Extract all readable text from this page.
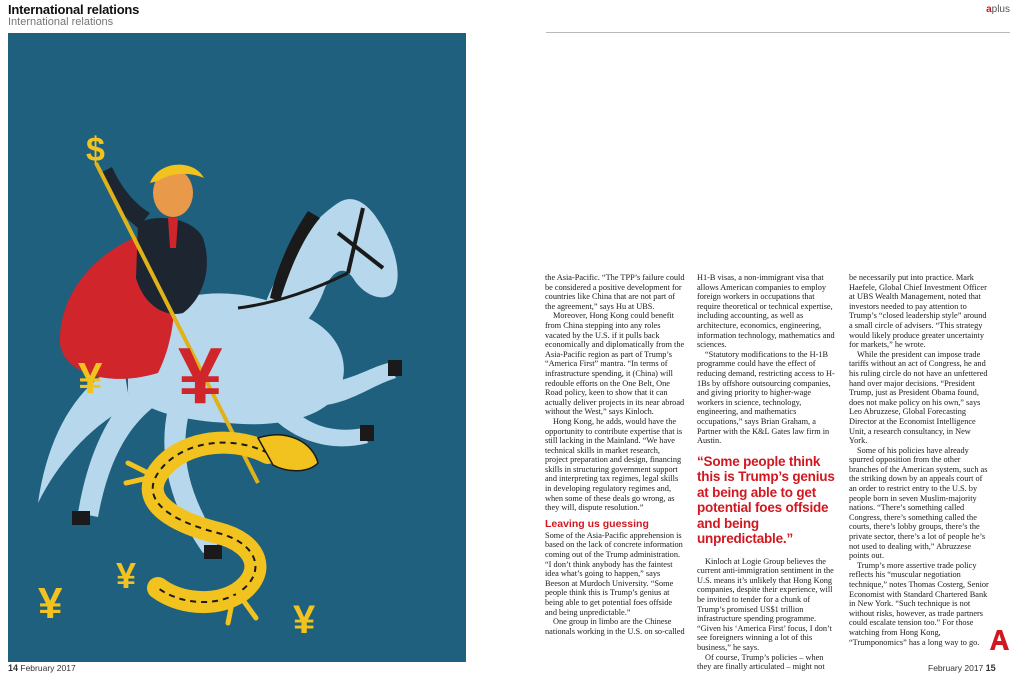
International relations
International relations
$
¥
¥
¥
¥
¥
14 February 2017
aplus

the Asia-Pacific. “The TPP’s failure could be considered a positive development for countries like China that are not part of the agreement,” says Hu at UBS.

Moreover, Hong Kong could benefit from China stepping into any roles vacated by the U.S. if it pulls back economically and diplomatically from the Asia-Pacific region as part of Trump’s “America First” mantra. “In terms of infrastructure spending, it (China) will redouble efforts on the One Belt, One Road policy, keen to show that it can actually deliver projects in its near abroad without the West,” says Kinloch.

Hong Kong, he adds, would have the opportunity to contribute expertise that is still lacking in the Mainland. “We have technical skills in market research, project preparation and design, financing skills in structuring government support and interpreting tax regimes, legal skills in developing regulatory regimes and, when some of these deals go wrong, as they will, dispute resolution.”

Leaving us guessing

Some of the Asia-Pacific apprehension is based on the lack of concrete information coming out of the Trump administration. “I don’t think anybody has the faintest idea what’s going to happen,” says Beeson at Murdoch University. “Some people think this is Trump’s genius at being able to get potential foes offside and being unpredictable.”

One group in limbo are the Chinese nationals working in the U.S. on so-called

H1-B visas, a non-immigrant visa that allows American companies to employ foreign workers in occupations that require theoretical or technical expertise, including accounting, as well as architecture, economics, engineering, information technology, mathematics and sciences.

“Statutory modifications to the H-1B programme could have the effect of reducing demand, restricting access to H-1Bs by offshore outsourcing companies, and giving priority to higher-wage workers in science, technology, engineering, and mathematics occupations,” says Brian Graham, a Partner with the K&L Gates law firm in Austin.

“Some people think this is Trump’s genius at being able to get potential foes offside and being unpredictable.”

Kinloch at Logie Group believes the current anti-immigration sentiment in the U.S. means it’s unlikely that Hong Kong companies, despite their experience, will be invited to tender for a chunk of Trump’s promised US$1 trillion infrastructure spending programme. “Given his ‘America First’ focus, I don’t see foreigners winning a lot of this business,” he says.

Of course, Trump’s policies – when they are finally articulated – might not

be necessarily put into practice. Mark Haefele, Global Chief Investment Officer at UBS Wealth Management, noted that investors needed to pay attention to Trump’s “closed leadership style” around a small circle of advisers. “This strategy would likely produce greater uncertainty for markets,” he wrote.

While the president can impose trade tariffs without an act of Congress, he and his ruling circle do not have an unfettered hand over major decisions. “President Trump, just as President Obama found, does not make policy on his own,” says Leo Abruzzese, Global Forecasting Director at the Economist Intelligence Unit, a research consultancy, in New York.

Some of his policies have already spurred opposition from the other branches of the American system, such as the striking down by an appeals court of an order to restrict entry to the U.S. by people born in seven Muslim-majority nations. “There’s something called Congress, there’s something called the courts, there’s lobby groups, there’s the private sector, there’s a lot of people he’s not used to dealing with,” Abruzzese points out.

Trump’s more assertive trade policy reflects his “muscular negotiation technique,” notes Thomas Costerg, Senior Economist with Standard Chartered Bank in New York. “Such technique is not without risks, however, as trade partners could escalate tension too.” For those watching from Hong Kong, “Trumponomics” has a long way to go.

February 2017 15
